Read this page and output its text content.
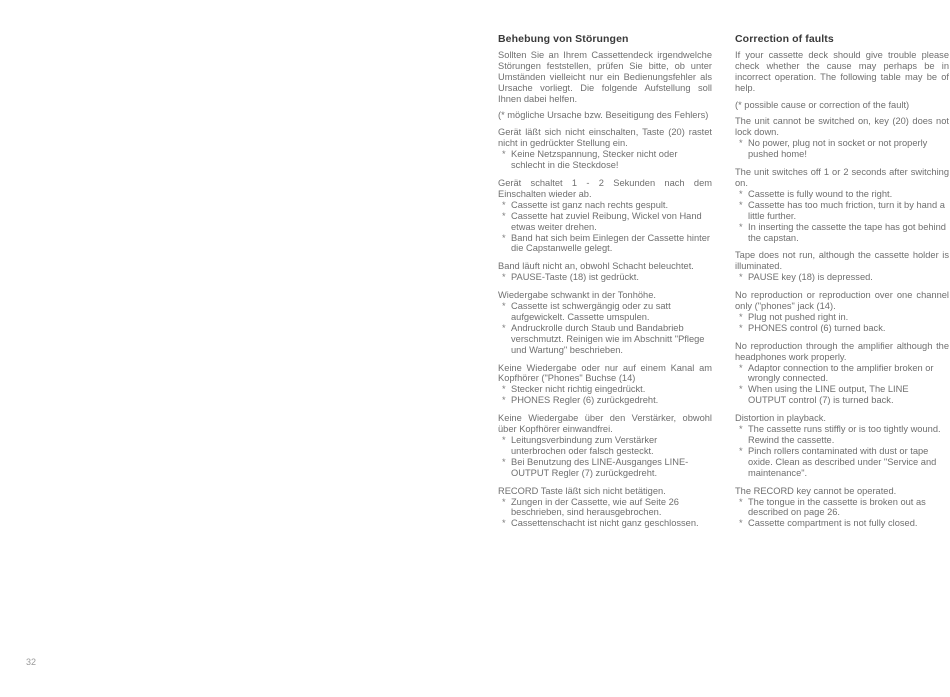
32
Behebung von Störungen

Sollten Sie an Ihrem Cassettendeck irgendwelche Störungen feststellen, prüfen Sie bitte, ob unter Umständen vielleicht nur ein Bedienungsfehler als Ursache vorliegt. Die folgende Aufstellung soll Ihnen dabei helfen.

(* mögliche Ursache bzw. Beseitigung des Fehlers)

Gerät läßt sich nicht einschalten, Taste (20) rastet nicht in gedrückter Stellung ein.

* Keine Netzspannung, Stecker nicht oder schlecht in die Steckdose!

Gerät schaltet 1 - 2 Sekunden nach dem Einschalten wieder ab.

* Cassette ist ganz nach rechts gespult.
* Cassette hat zuviel Reibung, Wickel von Hand etwas weiter drehen.
* Band hat sich beim Einlegen der Cassette hinter die Capstanwelle gelegt.

Band läuft nicht an, obwohl Schacht beleuchtet.

* PAUSE-Taste (18) ist gedrückt.

Wiedergabe schwankt in der Tonhöhe.

* Cassette ist schwergängig oder zu satt aufgewickelt. Cassette umspulen.
* Andruckrolle durch Staub und Bandabrieb verschmutzt. Reinigen wie im Abschnitt "Pflege und Wartung" beschrieben.

Keine Wiedergabe oder nur auf einem Kanal am Kopfhörer ("Phones" Buchse (14)

* Stecker nicht richtig eingedrückt.
* PHONES Regler (6) zurückgedreht.

Keine Wiedergabe über den Verstärker, obwohl über Kopfhörer einwandfrei.

* Leitungsverbindung zum Verstärker unterbrochen oder falsch gesteckt.
* Bei Benutzung des LINE-Ausganges LINE-OUTPUT Regler (7) zurückgedreht.

RECORD Taste läßt sich nicht betätigen.

* Zungen in der Cassette, wie auf Seite 26 beschrieben, sind herausgebrochen.
* Cassettenschacht ist nicht ganz geschlossen.
Correction of faults

If your cassette deck should give trouble please check whether the cause may perhaps be in incorrect operation. The following table may be of help.

(* possible cause or correction of the fault)

The unit cannot be switched on, key (20) does not lock down.

* No power, plug not in socket or not properly pushed home!

The unit switches off 1 or 2 seconds after switching on.

* Cassette is fully wound to the right.
* Cassette has too much friction, turn it by hand a little further.
* In inserting the cassette the tape has got behind the capstan.

Tape does not run, although the cassette holder is illuminated.

* PAUSE key (18) is depressed.

No reproduction or reproduction over one channel only ("phones" jack (14).

* Plug not pushed right in.
* PHONES control (6) turned back.

No reproduction through the amplifier although the headphones work properly.

* Adaptor connection to the amplifier broken or wrongly connected.
* When using the LINE output, The LINE OUTPUT control (7) is turned back.

Distortion in playback.

* The cassette runs stiffly or is too tightly wound. Rewind the cassette.
* Pinch rollers contaminated with dust or tape oxide. Clean as described under "Service and maintenance".

The RECORD key cannot be operated.

* The tongue in the cassette is broken out as described on page 26.
* Cassette compartment is not fully closed.
